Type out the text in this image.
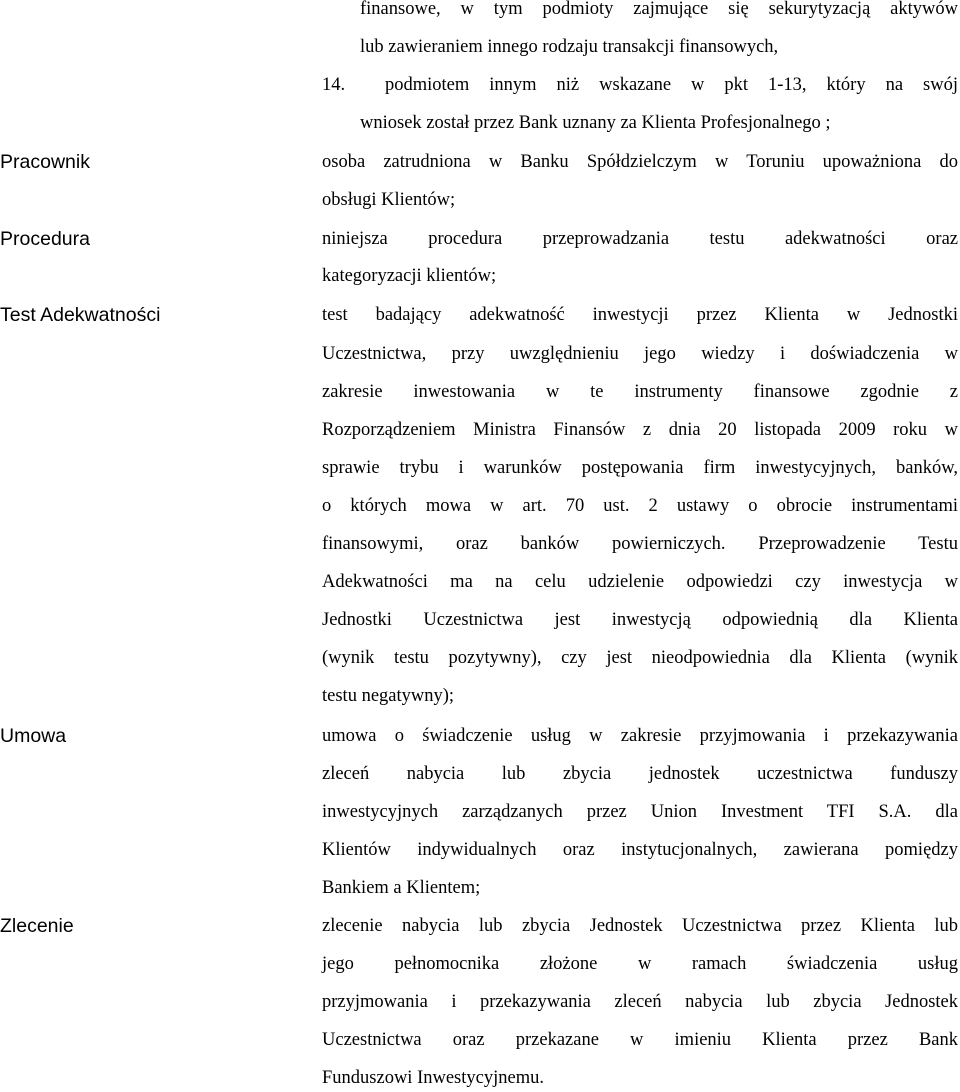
finansowe, w tym podmioty zajmujące się sekurytyzacją aktywów

lub zawieraniem innego rodzaju transakcji finansowych,

14. podmiotem innym niż wskazane w pkt 1-13, który na swój

wniosek został przez Bank uznany za Klienta Profesjonalnego ;

Pracownik	osoba zatrudniona w Banku Spółdzielczym w Toruniu upoważniona do

obsługi Klientów;

Procedura	niniejsza procedura przeprowadzania testu adekwatności oraz

kategoryzacji klientów;

Test Adekwatności	test badający adekwatność inwestycji przez Klienta w Jednostki

Uczestnictwa, przy uwzględnieniu jego wiedzy i doświadczenia w

zakresie inwestowania w te instrumenty finansowe zgodnie z

Rozporządzeniem Ministra Finansów z dnia 20 listopada 2009 roku w

sprawie trybu i warunków postępowania firm inwestycyjnych, banków,

o których mowa w art. 70 ust. 2 ustawy o obrocie instrumentami

finansowymi, oraz banków powierniczych. Przeprowadzenie Testu

Adekwatności ma na celu udzielenie odpowiedzi czy inwestycja w

Jednostki Uczestnictwa jest inwestycją odpowiednią dla Klienta

(wynik testu pozytywny), czy jest nieodpowiednia dla Klienta (wynik

testu negatywny);

Umowa	umowa o świadczenie usług w zakresie przyjmowania i przekazywania

zleceń nabycia lub zbycia jednostek uczestnictwa funduszy

inwestycyjnych zarządzanych przez Union Investment TFI S.A. dla

Klientów indywidualnych oraz instytucjonalnych, zawierana pomiędzy

Bankiem a Klientem;

Zlecenie	zlecenie nabycia lub zbycia Jednostek Uczestnictwa przez Klienta lub

jego pełnomocnika złożone w ramach świadczenia usług

przyjmowania i przekazywania zleceń nabycia lub zbycia Jednostek

Uczestnictwa oraz przekazane w imieniu Klienta przez Bank

Funduszowi Inwestycyjnemu.
